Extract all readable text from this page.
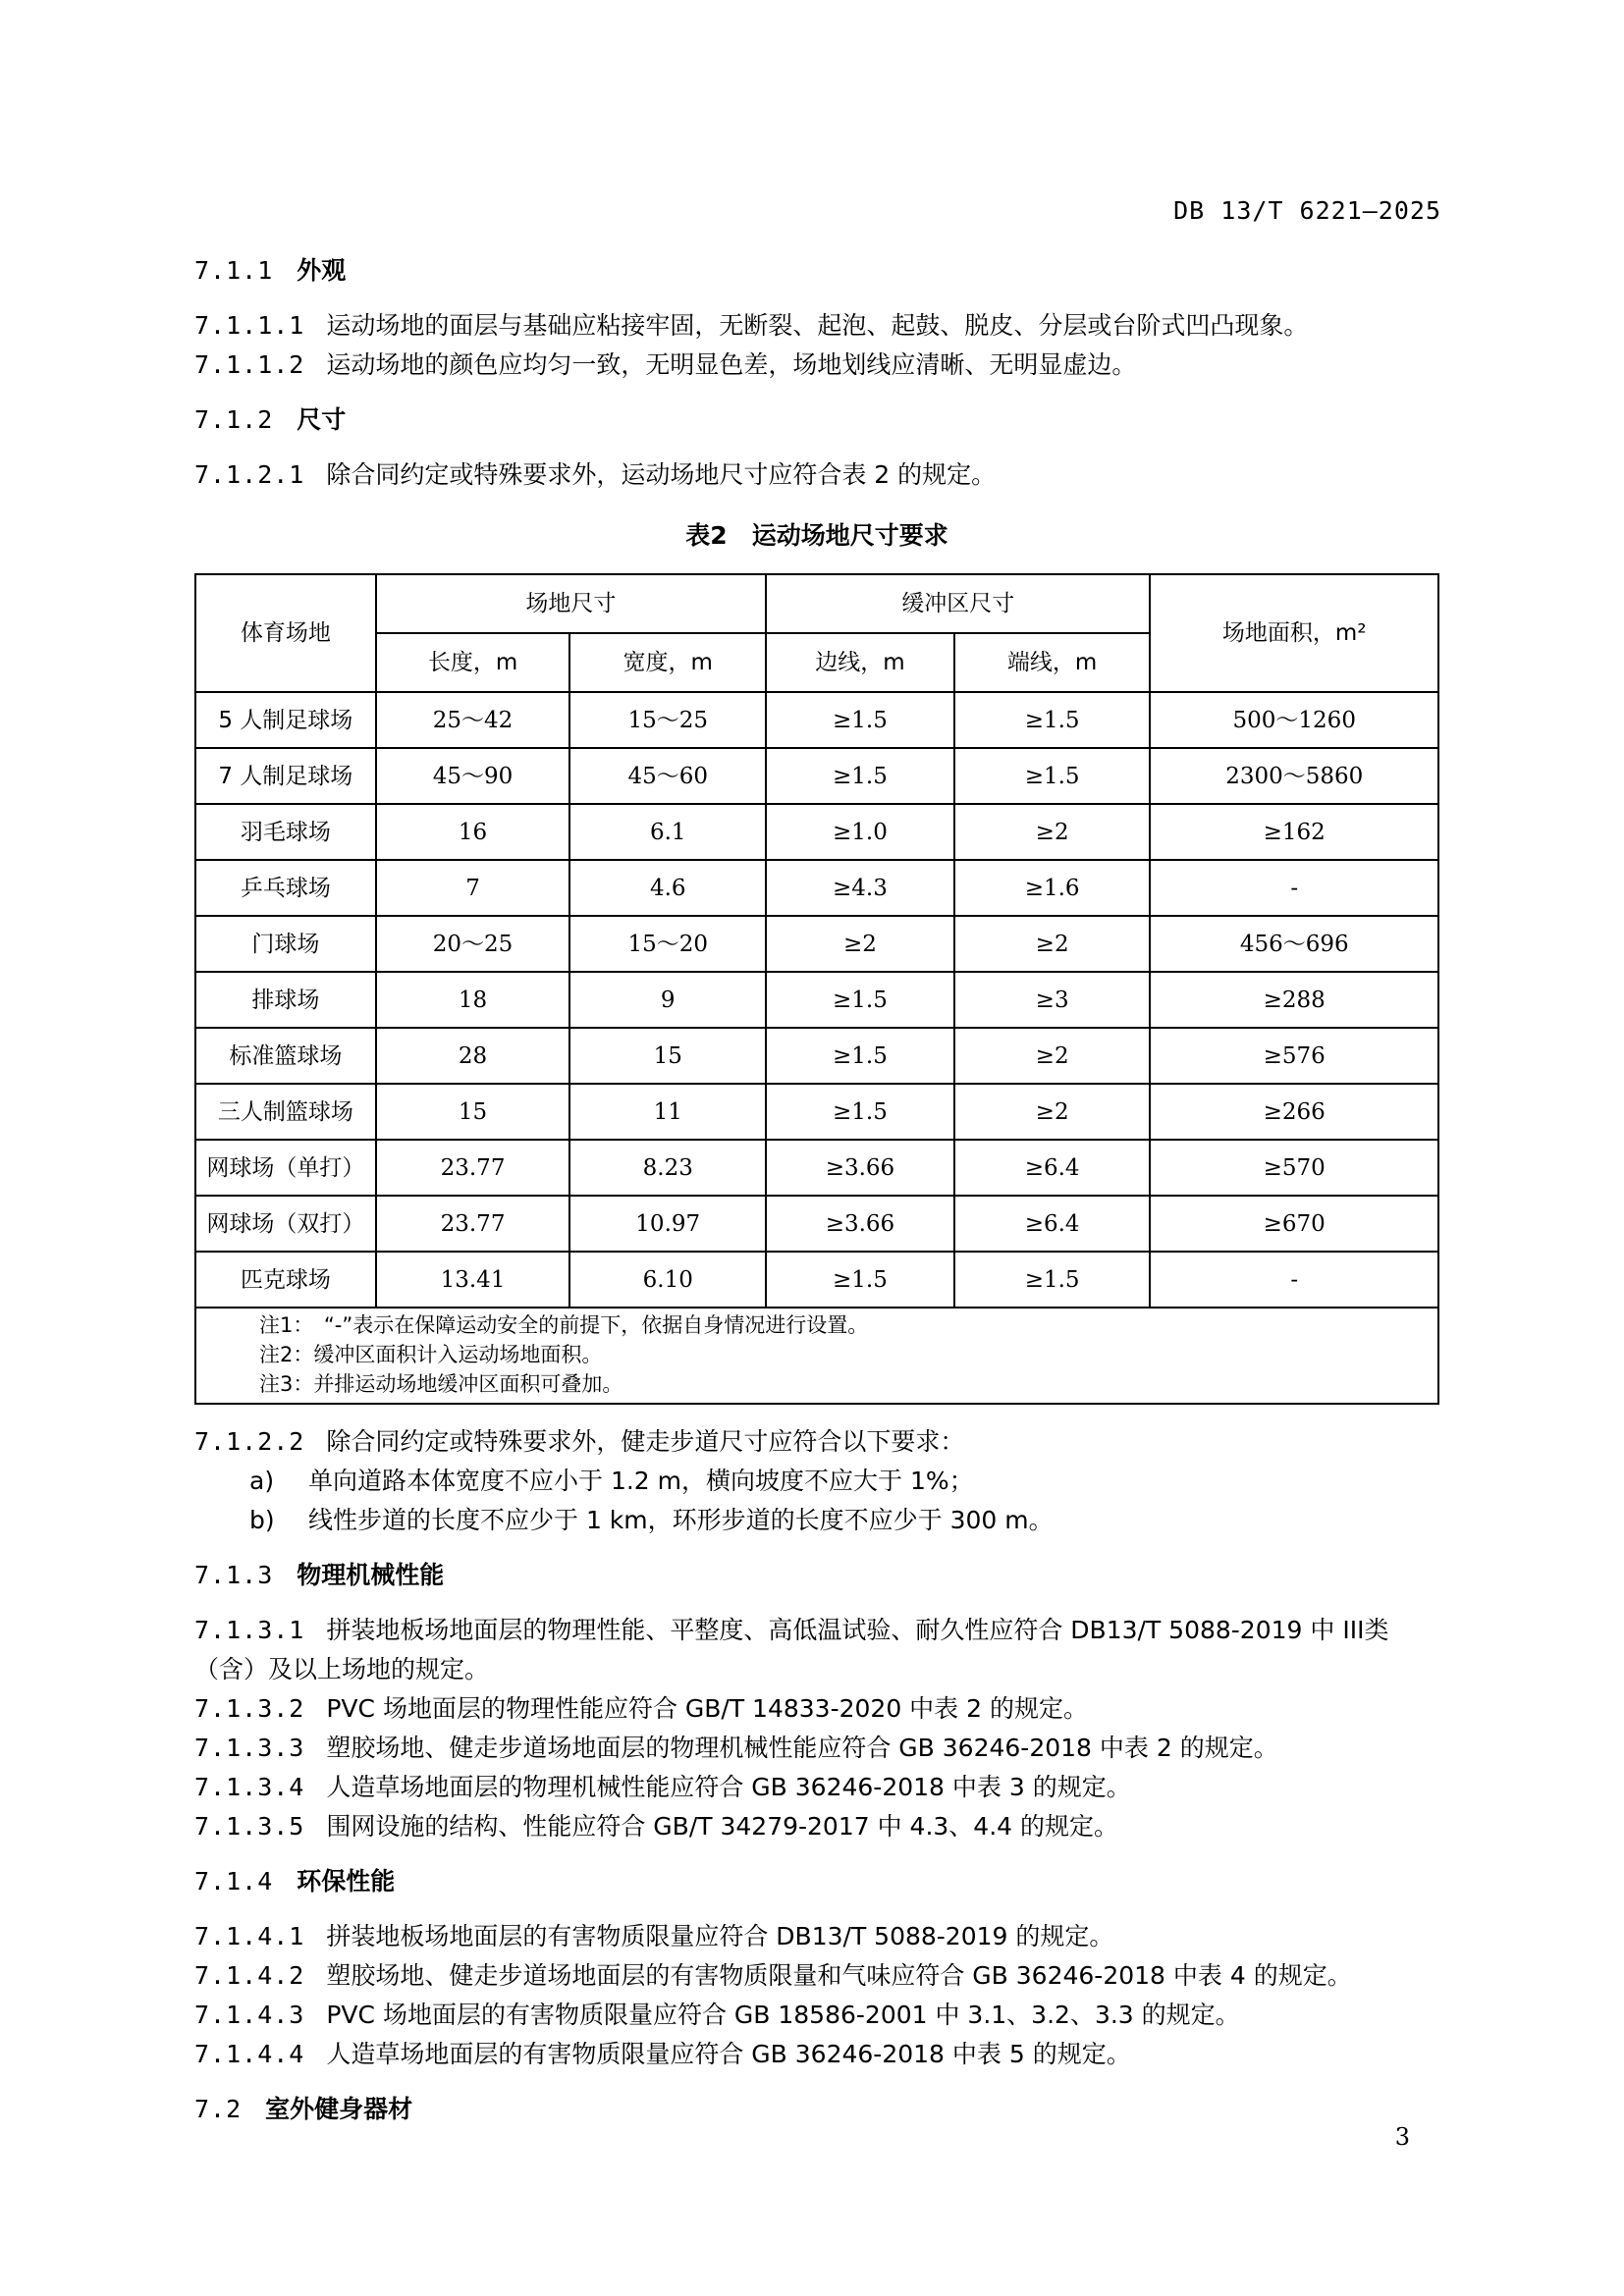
DB 13/T 6221—2025
7.1.1 外观

7.1.1.1 运动场地的面层与基础应粘接牢固，无断裂、起泡、起鼓、脱皮、分层或台阶式凹凸现象。

7.1.1.2 运动场地的颜色应均匀一致，无明显色差，场地划线应清晰、无明显虚边。

7.1.2 尺寸

7.1.2.1 除合同约定或特殊要求外，运动场地尺寸应符合表 2 的规定。

表2　运动场地尺寸要求
体育场地	场地尺寸		缓冲区尺寸		场地面积，m²
	长度，m	宽度，m	边线，m	端线，m	
5 人制足球场	25～42	15～25	≥1.5	≥1.5	500～1260
7 人制足球场	45～90	45～60	≥1.5	≥1.5	2300～5860
羽毛球场	16	6.1	≥1.0	≥2	≥162
乒乓球场	7	4.6	≥4.3	≥1.6	-
门球场	20～25	15～20	≥2	≥2	456～696
排球场	18	9	≥1.5	≥3	≥288
标准篮球场	28	15	≥1.5	≥2	≥576
三人制篮球场	15	11	≥1.5	≥2	≥266
网球场（单打）	23.77	8.23	≥3.66	≥6.4	≥570
网球场（双打）	23.77	10.97	≥3.66	≥6.4	≥670
匹克球场	13.41	6.10	≥1.5	≥1.5	-

注1：　“-”表示在保障运动安全的前提下，依据自身情况进行设置。
注2：缓冲区面积计入运动场地面积。
注3：并排运动场地缓冲区面积可叠加。					

7.1.2.2 除合同约定或特殊要求外，健走步道尺寸应符合以下要求：

a) 单向道路本体宽度不应小于 1.2 m，横向坡度不应大于 1%；

b) 线性步道的长度不应少于 1 km，环形步道的长度不应少于 300 m。

7.1.3 物理机械性能

7.1.3.1 拼装地板场地面层的物理性能、平整度、高低温试验、耐久性应符合 DB13/T 5088-2019 中 III类（含）及以上场地的规定。

7.1.3.2 PVC 场地面层的物理性能应符合 GB/T 14833-2020 中表 2 的规定。

7.1.3.3 塑胶场地、健走步道场地面层的物理机械性能应符合 GB 36246-2018 中表 2 的规定。

7.1.3.4 人造草场地面层的物理机械性能应符合 GB 36246-2018 中表 3 的规定。

7.1.3.5 围网设施的结构、性能应符合 GB/T 34279-2017 中 4.3、4.4 的规定。

7.1.4 环保性能

7.1.4.1 拼装地板场地面层的有害物质限量应符合 DB13/T 5088-2019 的规定。

7.1.4.2 塑胶场地、健走步道场地面层的有害物质限量和气味应符合 GB 36246-2018 中表 4 的规定。

7.1.4.3 PVC 场地面层的有害物质限量应符合 GB 18586-2001 中 3.1、3.2、3.3 的规定。

7.1.4.4 人造草场地面层的有害物质限量应符合 GB 36246-2018 中表 5 的规定。

7.2 室外健身器材
3
